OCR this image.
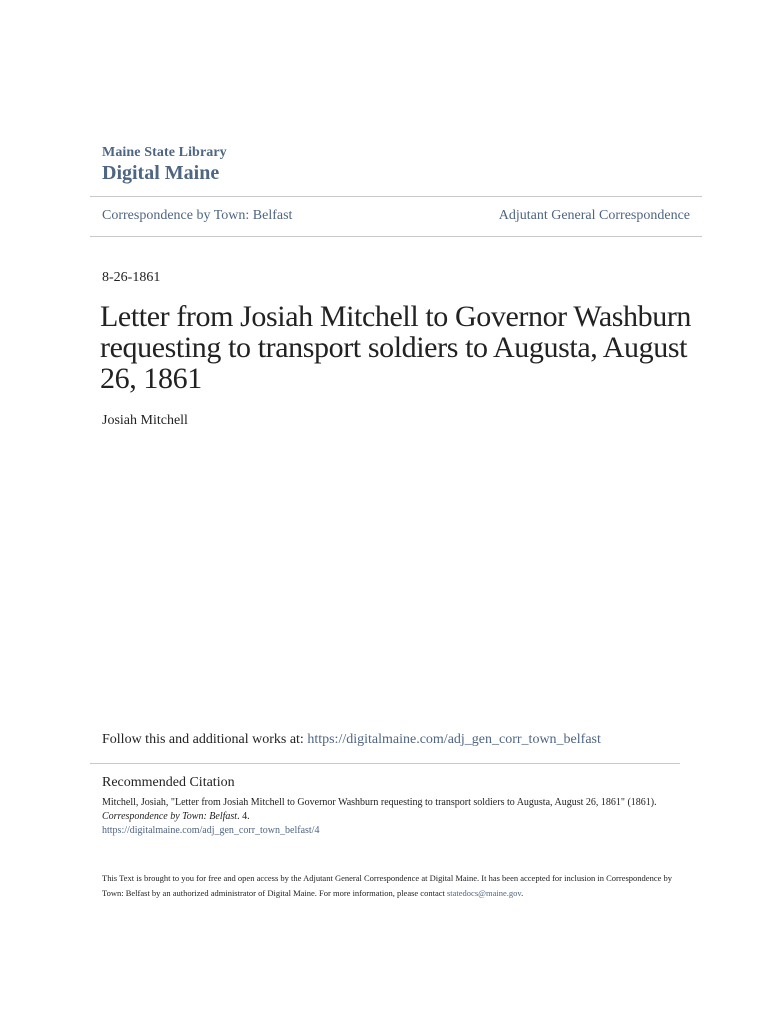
Maine State Library
Digital Maine
Correspondence by Town: Belfast	Adjutant General Correspondence
8-26-1861
Letter from Josiah Mitchell to Governor Washburn requesting to transport soldiers to Augusta, August 26, 1861
Josiah Mitchell
Follow this and additional works at: https://digitalmaine.com/adj_gen_corr_town_belfast
Recommended Citation
Mitchell, Josiah, "Letter from Josiah Mitchell to Governor Washburn requesting to transport soldiers to Augusta, August 26, 1861" (1861). Correspondence by Town: Belfast. 4.
https://digitalmaine.com/adj_gen_corr_town_belfast/4
This Text is brought to you for free and open access by the Adjutant General Correspondence at Digital Maine. It has been accepted for inclusion in Correspondence by Town: Belfast by an authorized administrator of Digital Maine. For more information, please contact statedocs@maine.gov.
